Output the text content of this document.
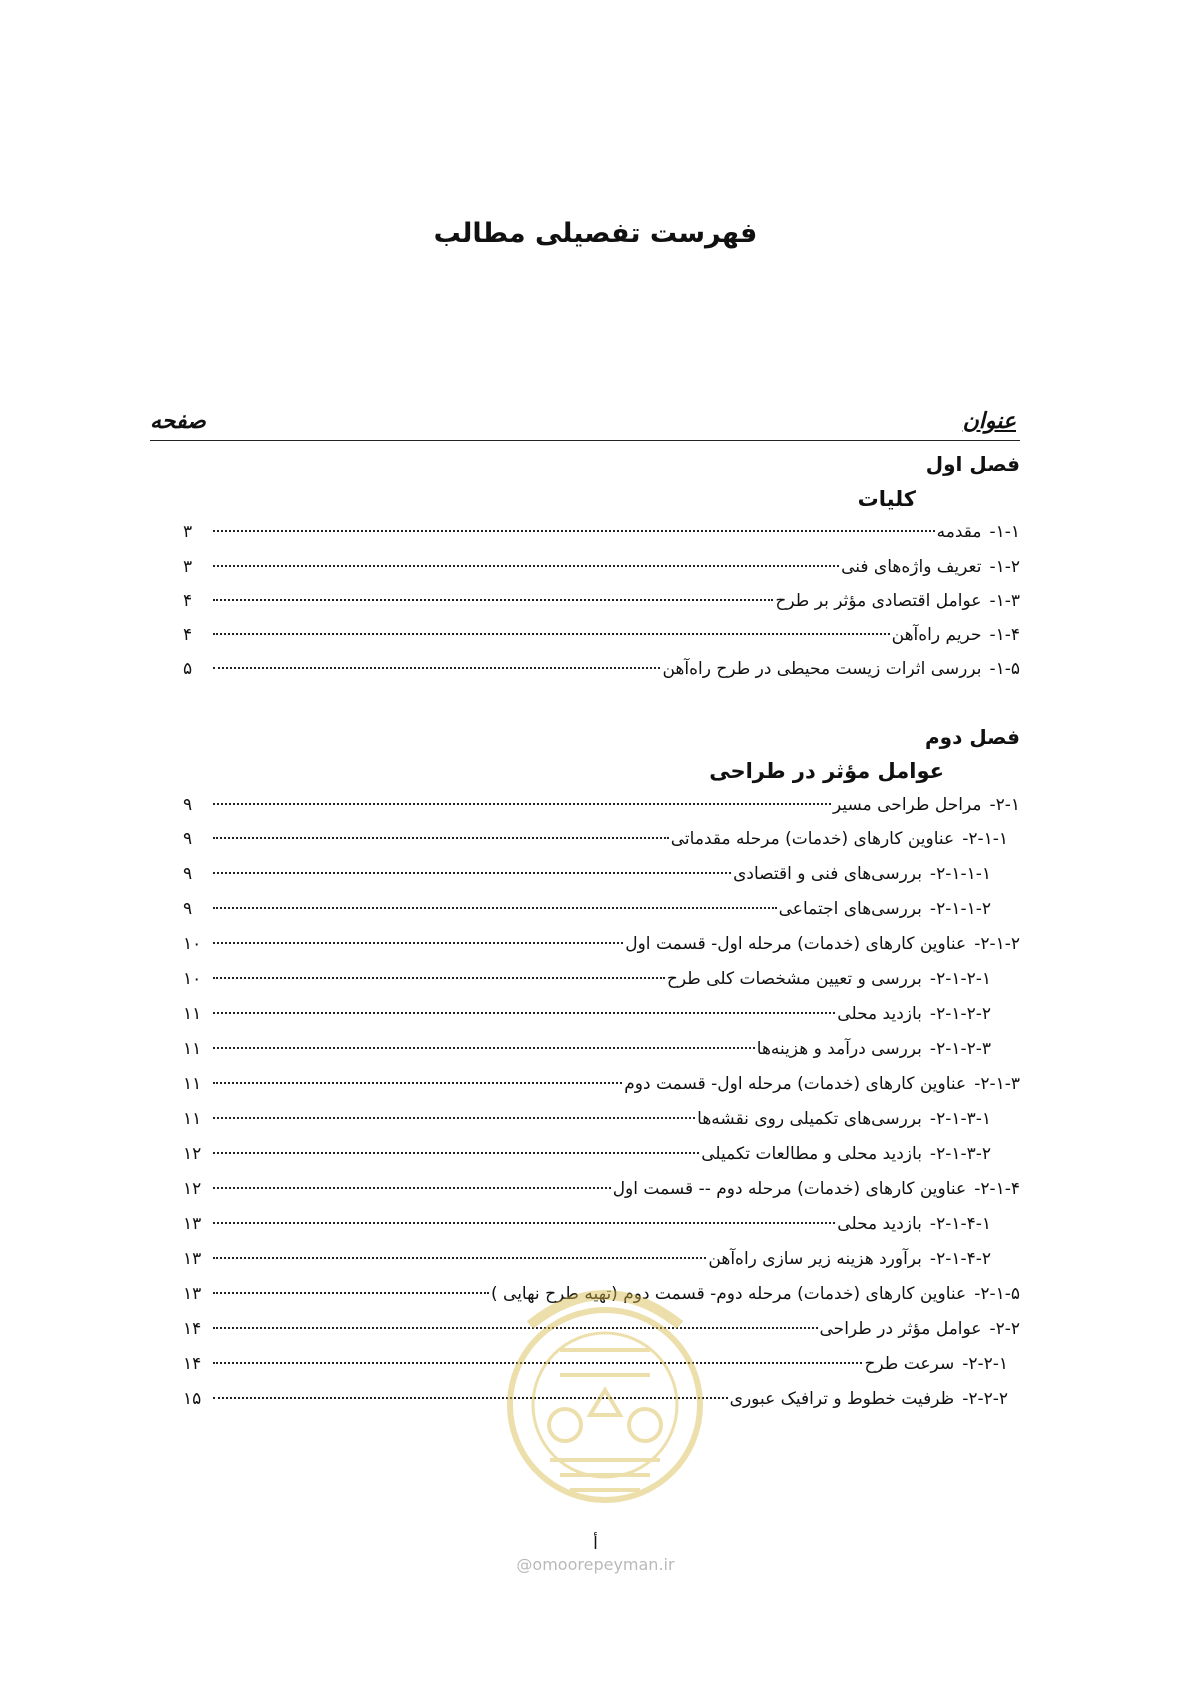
فهرست تفصیلی مطالب
عنوان
صفحه
فصل اول
کلیات
۱-۱-
مقدمه
۳
۱-۲-
تعریف واژه‌های فنی
۳
۱-۳-
عوامل اقتصادی مؤثر بر طرح
۴
۱-۴-
حریم راه‌آهن
۴
۱-۵-
بررسی اثرات زیست محیطی در طرح راه‌آهن
۵
فصل دوم
عوامل مؤثر در طراحی
۲-۱-
مراحل طراحی مسیر
۹
۲-۱-۱-
عناوین کارهای (خدمات) مرحله مقدماتی
۹
۲-۱-۱-۱-
بررسی‌های فنی و اقتصادی
۹
۲-۱-۱-۲-
بررسی‌های اجتماعی
۹
۲-۱-۲-
عناوین کارهای (خدمات) مرحله اول- قسمت اول
۱۰
۲-۱-۲-۱-
بررسی و تعیین مشخصات کلی طرح
۱۰
۲-۱-۲-۲-
بازدید محلی
۱۱
۲-۱-۲-۳-
بررسی درآمد و هزینه‌ها
۱۱
۲-۱-۳-
عناوین کارهای (خدمات) مرحله اول- قسمت دوم
۱۱
۲-۱-۳-۱-
بررسی‌های تکمیلی روی نقشه‌ها
۱۱
۲-۱-۳-۲-
بازدید محلی و مطالعات تکمیلی
۱۲
۲-۱-۴-
عناوین کارهای (خدمات) مرحله دوم -- قسمت اول
۱۲
۲-۱-۴-۱-
بازدید محلی
۱۳
۲-۱-۴-۲-
برآورد هزینه زیر سازی راه‌آهن
۱۳
۲-۱-۵-
عناوین کارهای (خدمات) مرحله دوم- قسمت دوم (تهیه طرح نهایی )
۱۳
۲-۲-
عوامل مؤثر در طراحی
۱۴
۲-۲-۱-
سرعت طرح
۱۴
۲-۲-۲-
ظرفیت خطوط و ترافیک عبوری
۱۵
أ
@omoorepeyman.ir
